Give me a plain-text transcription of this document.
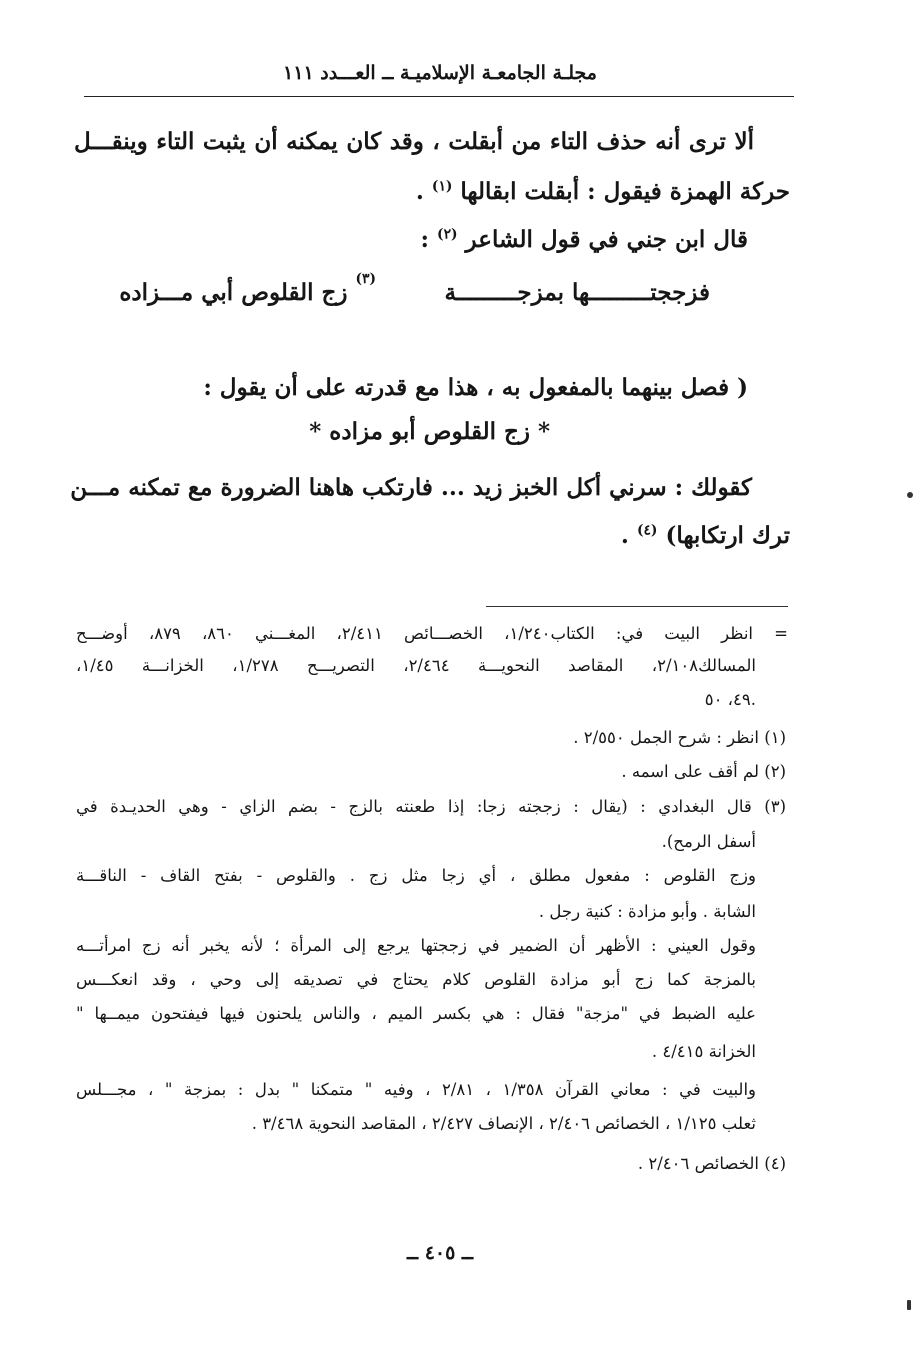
مجلـة الجامعـة الإسلاميـة ــ العـــدد ١١١
ألا ترى أنه حذف التاء من أبقلت ، وقد كان يمكنه أن يثبت التاء وينقـــل
حركة الهمزة فيقول : أبقلت ابقالها $^{(١)}$ .
قال ابن جني في قول الشاعر $^{(٢)}$ :
فزججتـــــــــها بمزجـــــــــة
$^{(٣)}$ زج القلوص أبي مـــزاده
( فصل بينهما بالمفعول به ، هذا مع قدرته على أن يقول :
* زج القلوص أبو مزاده *
كقولك : سرني أكل الخبز زيد ... فارتكب هاهنا الضرورة مع تمكنه مـــن
ترك ارتكابها) $^{(٤)}$ .
= انظر البيت في: الكتاب١/٢٤٠، الخصـــائص ٢/٤١١، المغـــني ٨٦٠، ٨٧٩، أوضـــح
المسالك٢/١٠٨، المقاصد النحويـــة ٢/٤٦٤، التصريـــح ١/٢٧٨، الخزانـــة ١/٤٥،
٤٩، ٥٠.
(١) انظر : شرح الجمل ٢/٥٥٠ .
(٢) لم أقف على اسمه .
(٣) قال البغدادي : (يقال : زججته زجا: إذا طعنته بالزج - بضم الزاي - وهي الحديـدة في
أسفل الرمح).
وزج القلوص : مفعول مطلق ، أي زجا مثل زج . والقلوص - بفتح القاف - الناقـــة
الشابة . وأبو مزادة : كنية رجل .
وقول العيني : الأظهر أن الضمير في زججتها يرجع إلى المرأة ؛ لأنه يخبر أنه زج امرأتـــه
بالمزجة كما زج أبو مزادة القلوص كلام يحتاج في تصديقه إلى وحي ، وقد انعكـــس
عليه الضبط في "مزجة" فقال : هي بكسر الميم ، والناس يلحنون فيها فيفتحون ميمــها "
الخزانة ٤/٤١٥ .
والبيت في : معاني القرآن ١/٣٥٨ ، ٢/٨١ ، وفيه " متمكنا " بدل : بمزجة " ، مجـــلس
ثعلب ١/١٢٥ ، الخصائص ٢/٤٠٦ ، الإنصاف ٢/٤٢٧ ، المقاصد النحوية ٣/٤٦٨ .
(٤) الخصائص ٢/٤٠٦ .
ــ ٤٠٥ ــ
